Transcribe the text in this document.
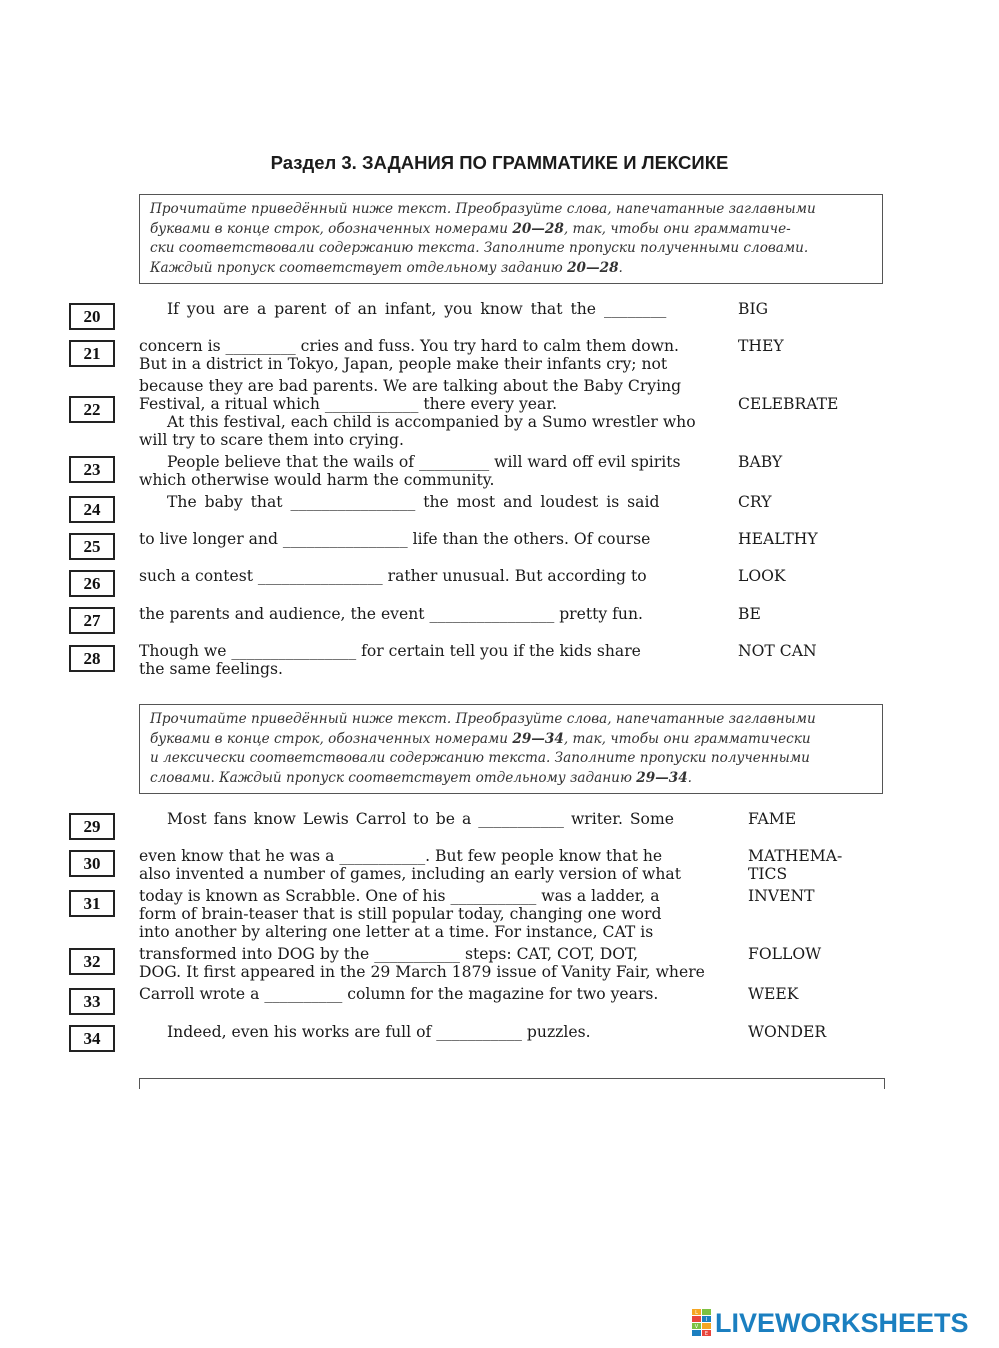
Раздел 3. ЗАДАНИЯ ПО ГРАММАТИКЕ И ЛЕКСИКЕ
Прочитайте приведённый ниже текст. Преобразуйте слова, напечатанные заглавными
буквами в конце строк, обозначенных номерами 20—28, так, чтобы они грамматиче-
ски соответствовали содержанию текста. Заполните пропуски полученными словами.
Каждый пропуск соответствует отдельному заданию 20—28.
20
21
22
23
24
25
26
27
28
If you are a parent of an infant, you know that the ________
concern is _________ cries and fuss. You try hard to calm them down.
But in a district in Tokyo, Japan, people make their infants cry; not
because they are bad parents. We are talking about the Baby Crying
Festival, a ritual which ____________ there every year.
At this festival, each child is accompanied by a Sumo wrestler who
will try to scare them into crying.
People believe that the wails of _________ will ward off evil spirits
which otherwise would harm the community.
The baby that ________________ the most and loudest is said
to live longer and ________________ life than the others. Of course
such a contest ________________ rather unusual. But according to
the parents and audience, the event ________________ pretty fun.
Though we ________________ for certain tell you if the kids share
the same feelings.
BIG
THEY
CELEBRATE
BABY
CRY
HEALTHY
LOOK
BE
NOT CAN
Прочитайте приведённый ниже текст. Преобразуйте слова, напечатанные заглавными
буквами в конце строк, обозначенных номерами 29—34, так, чтобы они грамматически
и лексически соответствовали содержанию текста. Заполните пропуски полученными
словами. Каждый пропуск соответствует отдельному заданию 29—34.
29
30
31
32
33
34
Most fans know Lewis Carrol to be a ___________ writer. Some
even know that he was a ___________. But few people know that he
also invented a number of games, including an early version of what
today is known as Scrabble. One of his ___________ was a ladder, a
form of brain-teaser that is still popular today, changing one word
into another by altering one letter at a time. For instance, CAT is
transformed into DOG by the ___________ steps: CAT, COT, DOT,
DOG. It first appeared in the 29 March 1879 issue of Vanity Fair, where
Carroll wrote a __________ column for the magazine for two years.
Indeed, even his works are full of ___________ puzzles.
FAME
MATHEMA-
TICS
INVENT
FOLLOW
WEEK
WONDER
L
I
V
E LIVEWORKSHEETS
